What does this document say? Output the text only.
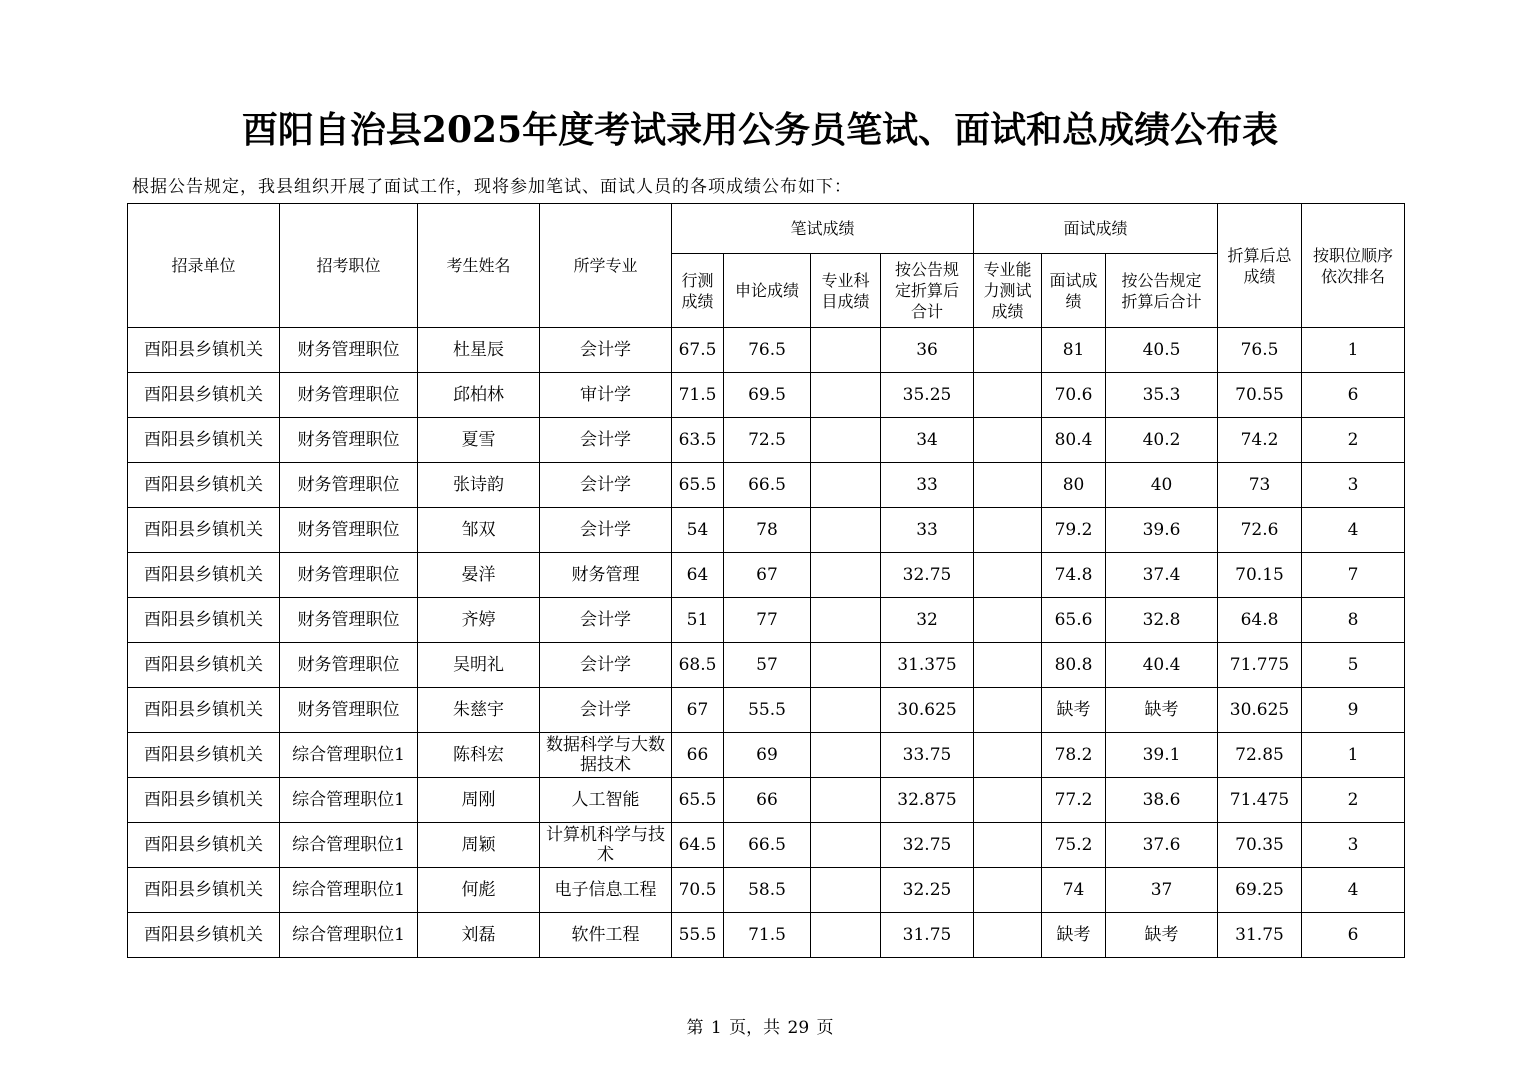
酉阳自治县2025年度考试录用公务员笔试、面试和总成绩公布表
根据公告规定，我县组织开展了面试工作，现将参加笔试、面试人员的各项成绩公布如下：
招录单位	招考职位	考生姓名	所学专业	笔试成绩				面试成绩			折算后总成绩	按职位顺序依次排名
				行测成绩	申论成绩	专业科目成绩	按公告规定折算后合计	专业能力测试成绩	面试成绩	按公告规定折算后合计		
酉阳县乡镇机关	财务管理职位	杜星辰	会计学	67.5	76.5		36		81	40.5	76.5	1
酉阳县乡镇机关	财务管理职位	邱柏林	审计学	71.5	69.5		35.25		70.6	35.3	70.55	6
酉阳县乡镇机关	财务管理职位	夏雪	会计学	63.5	72.5		34		80.4	40.2	74.2	2
酉阳县乡镇机关	财务管理职位	张诗韵	会计学	65.5	66.5		33		80	40	73	3
酉阳县乡镇机关	财务管理职位	邹双	会计学	54	78		33		79.2	39.6	72.6	4
酉阳县乡镇机关	财务管理职位	晏洋	财务管理	64	67		32.75		74.8	37.4	70.15	7
酉阳县乡镇机关	财务管理职位	齐婷	会计学	51	77		32		65.6	32.8	64.8	8
酉阳县乡镇机关	财务管理职位	吴明礼	会计学	68.5	57		31.375		80.8	40.4	71.775	5
酉阳县乡镇机关	财务管理职位	朱慈宇	会计学	67	55.5		30.625		缺考	缺考	30.625	9
酉阳县乡镇机关	综合管理职位1	陈科宏	数据科学与大数据技术	66	69		33.75		78.2	39.1	72.85	1
酉阳县乡镇机关	综合管理职位1	周刚	人工智能	65.5	66		32.875		77.2	38.6	71.475	2
酉阳县乡镇机关	综合管理职位1	周颖	计算机科学与技术	64.5	66.5		32.75		75.2	37.6	70.35	3
酉阳县乡镇机关	综合管理职位1	何彪	电子信息工程	70.5	58.5		32.25		74	37	69.25	4
酉阳县乡镇机关	综合管理职位1	刘磊	软件工程	55.5	71.5		31.75		缺考	缺考	31.75	6
第 1 页，共 29 页
